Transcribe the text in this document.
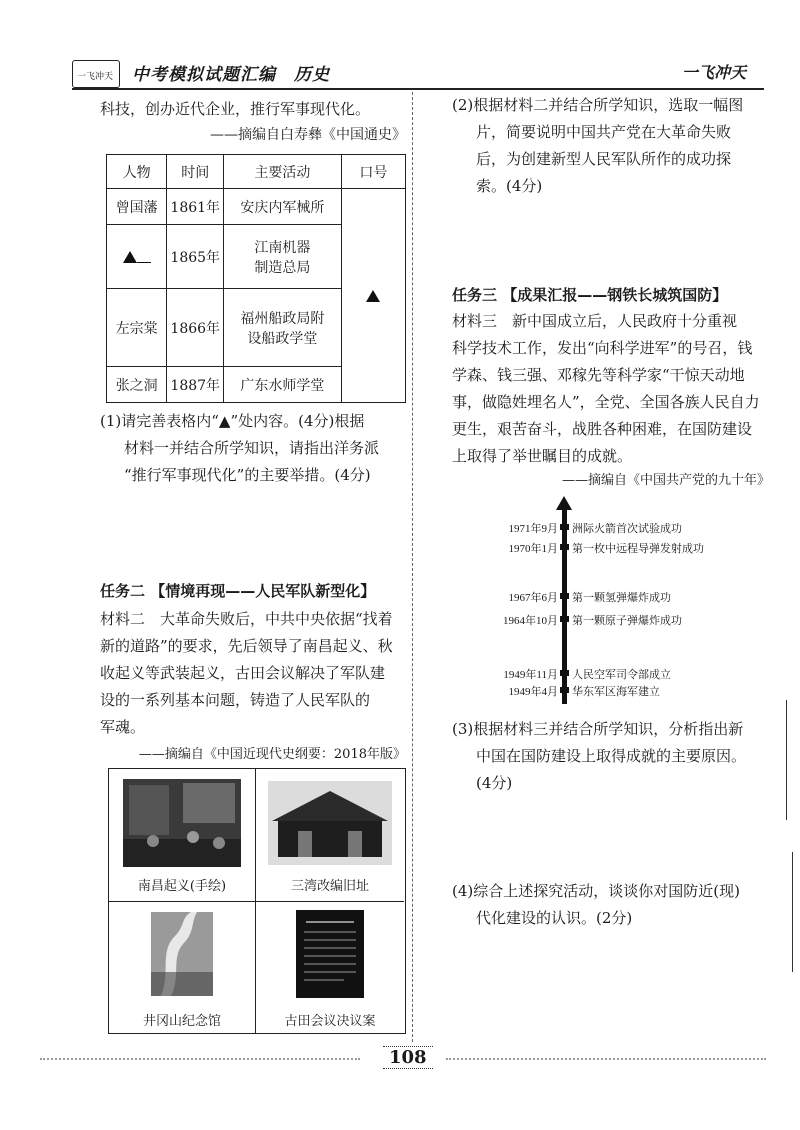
一飞冲天 中考模拟试题汇编　历史	一飞冲天
科技，创办近代企业，推行军事现代化。
——摘编自白寿彝《中国通史》
人物	时间	主要活动	口号
曾国藩	1861年	安庆内军械所	
	1865年	江南机器
制造总局	

左宗棠	1866年	福州船政局附
设船政学堂	

张之洞	1887年	广东水师学堂	
(1)请完善表格内“▲”处内容。(4分)根据
材料一并结合所学知识，请指出洋务派
“推行军事现代化”的主要举措。(4分)
任务二 【情境再现——人民军队新型化】
材料二　大革命失败后，中共中央依据“找着
新的道路”的要求，先后领导了南昌起义、秋
收起义等武装起义，古田会议解决了军队建
设的一系列基本问题，铸造了人民军队的
军魂。
——摘编自《中国近现代史纲要：2018年版》
南昌起义(手绘)	三湾改编旧址
井冈山纪念馆	古田会议决议案
(2)根据材料二并结合所学知识，选取一幅图
片，简要说明中国共产党在大革命失败
后，为创建新型人民军队所作的成功探
索。(4分)
任务三 【成果汇报——钢铁长城筑国防】
材料三　新中国成立后，人民政府十分重视
科学技术工作，发出“向科学进军”的号召，钱
学森、钱三强、邓稼先等科学家“干惊天动地
事，做隐姓埋名人”，全党、全国各族人民自力
更生，艰苦奋斗，战胜各种困难，在国防建设
上取得了举世瞩目的成就。
——摘编自《中国共产党的九十年》
1971年9月 洲际火箭首次试验成功
1970年1月 第一枚中远程导弹发射成功
1967年6月 第一颗氢弹爆炸成功
1964年10月 第一颗原子弹爆炸成功
1949年11月 人民空军司令部成立
1949年4月 华东军区海军建立
(3)根据材料三并结合所学知识，分析指出新
中国在国防建设上取得成就的主要原因。
(4分)
(4)综合上述探究活动，谈谈你对国防近(现)
代化建设的认识。(2分)
108
